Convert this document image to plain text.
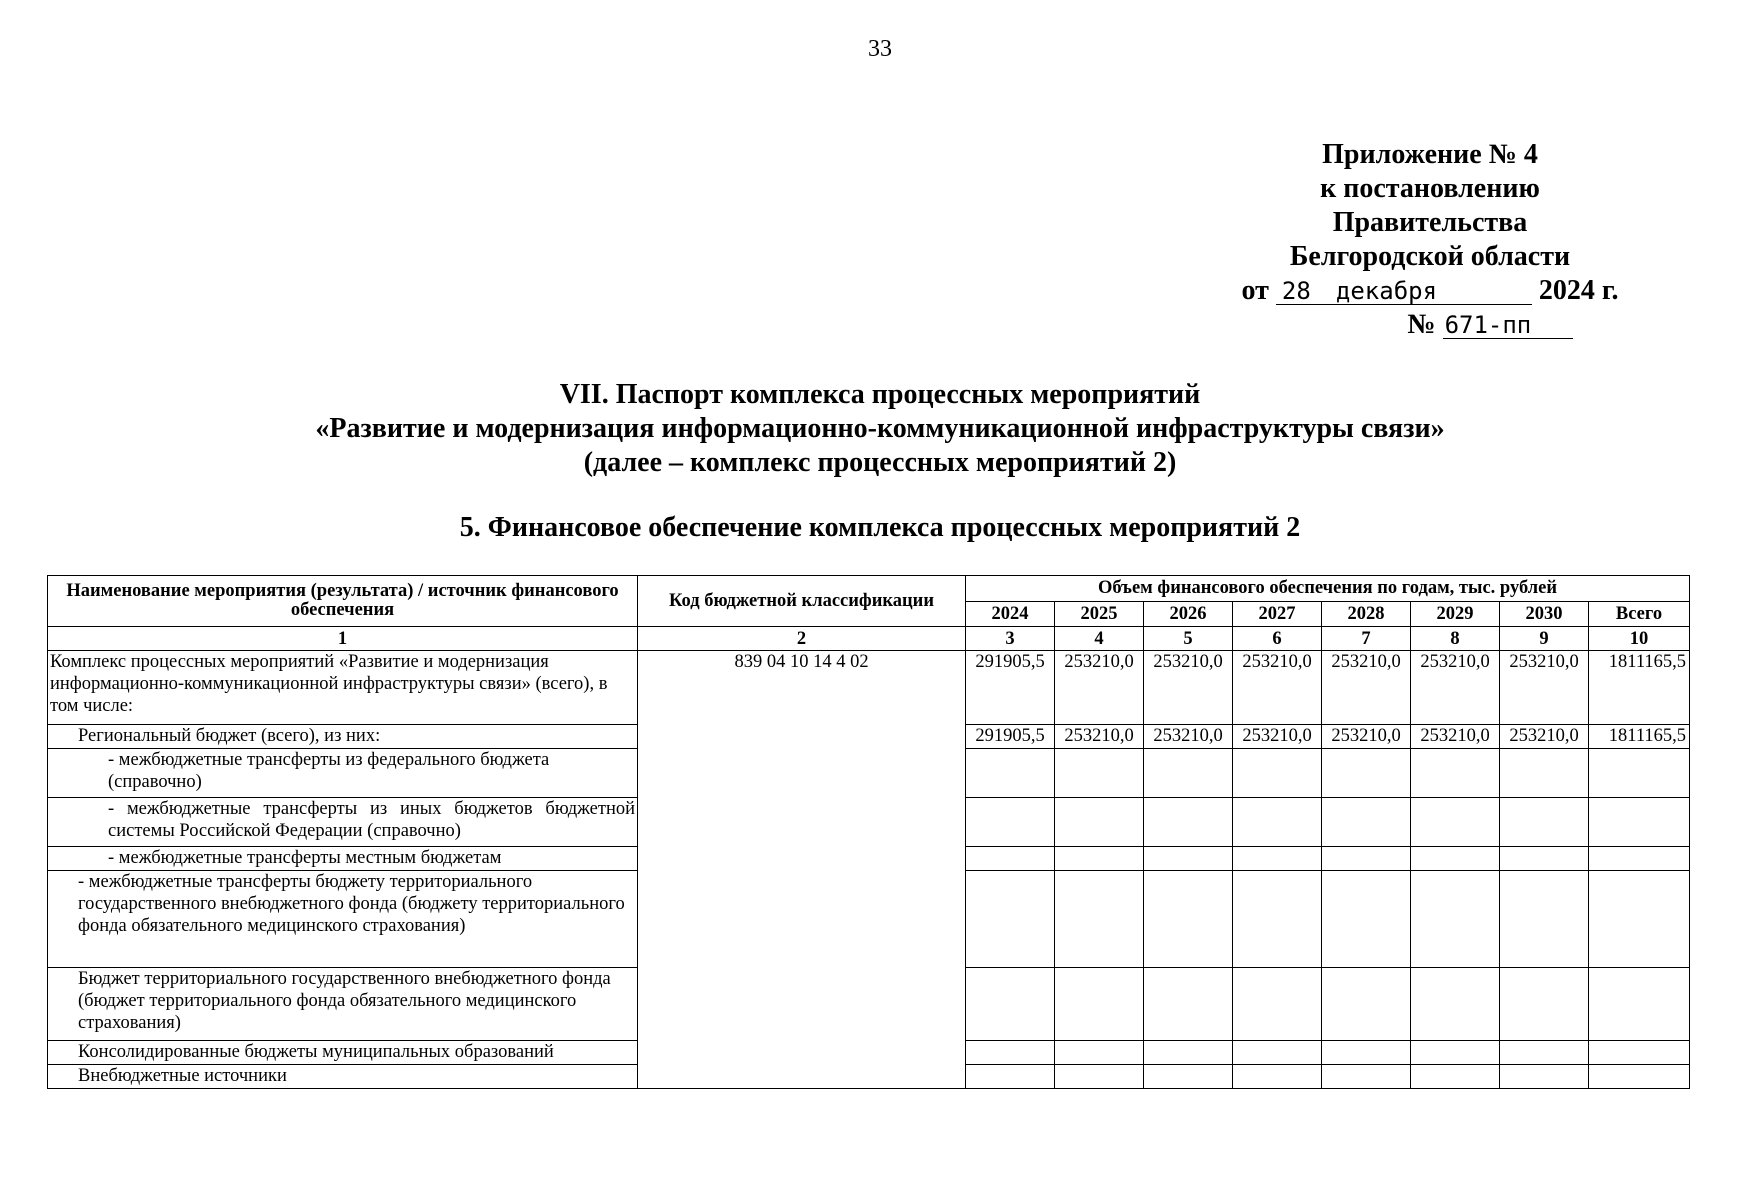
33
Приложение № 4
к постановлению Правительства
Белгородской области
от 28 декабря	2024 г.
№ 671-пп
VII. Паспорт комплекса процессных мероприятий
«Развитие и модернизация информационно-коммуникационной инфраструктуры связи»
(далее – комплекс процессных мероприятий 2)
5. Финансовое обеспечение комплекса процессных мероприятий 2
Наименование мероприятия (результата) / источник финансового обеспечения	Код бюджетной классификации	Объем финансового обеспечения по годам, тыс. рублей							
		2024	2025	2026	2027	2028	2029	2030	Всего
1	2	3	4	5	6	7	8	9	10
Комплекс процессных мероприятий «Развитие и модернизация информационно-коммуникационной инфраструктуры связи» (всего), в том числе:	839 04 10 14 4 02	291905,5	253210,0	253210,0	253210,0	253210,0	253210,0	253210,0	1811165,5
Региональный бюджет (всего), из них:		291905,5	253210,0	253210,0	253210,0	253210,0	253210,0	253210,0	1811165,5
- межбюджетные трансферты из федерального бюджета (справочно)									
- межбюджетные трансферты из иных бюджетов бюджетной системы Российской Федерации (справочно)									
- межбюджетные трансферты местным бюджетам									

- межбюджетные трансферты бюджету территориального государственного внебюджетного фонда (бюджету территориального фонда обязательного медицинского страхования)									

Бюджет территориального государственного внебюджетного фонда (бюджет территориального фонда обязательного медицинского страхования)									
Консолидированные бюджеты муниципальных образований									
Внебюджетные источники									
